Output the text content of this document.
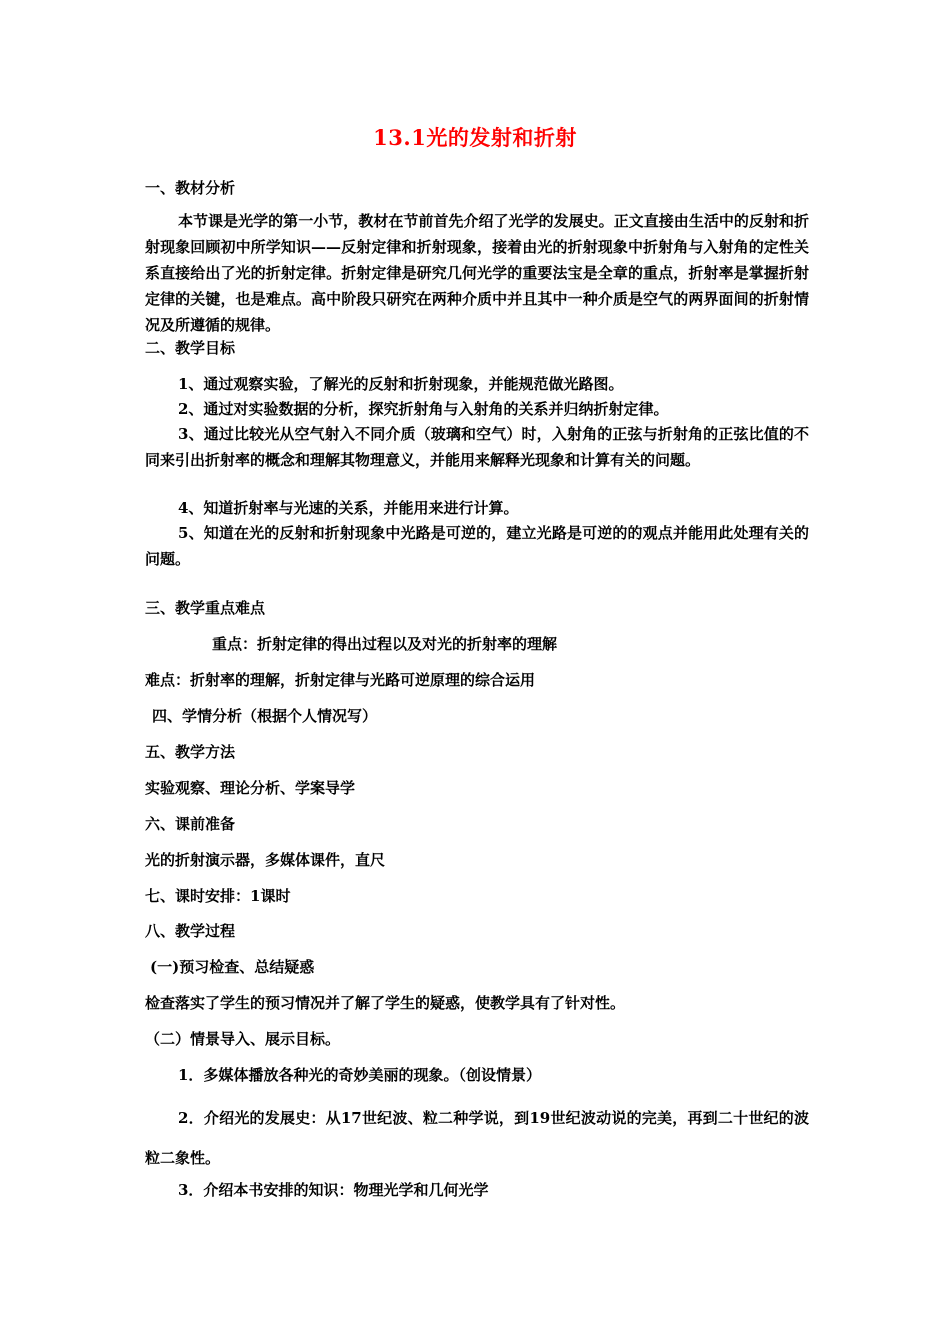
13.1光的发射和折射
一、教材分析
本节课是光学的第一小节，教材在节前首先介绍了光学的发展史。正文直接由生活中的反射和折射现象回顾初中所学知识——反射定律和折射现象，接着由光的折射现象中折射角与入射角的定性关系直接给出了光的折射定律。折射定律是研究几何光学的重要法宝是全章的重点，折射率是掌握折射定律的关键，也是难点。高中阶段只研究在两种介质中并且其中一种介质是空气的两界面间的折射情况及所遵循的规律。
二、教学目标
1、通过观察实验，了解光的反射和折射现象，并能规范做光路图。
2、通过对实验数据的分析，探究折射角与入射角的关系并归纳折射定律。
3、通过比较光从空气射入不同介质（玻璃和空气）时，入射角的正弦与折射角的正弦比值的不同来引出折射率的概念和理解其物理意义，并能用来解释光现象和计算有关的问题。
4、知道折射率与光速的关系，并能用来进行计算。
5、知道在光的反射和折射现象中光路是可逆的，建立光路是可逆的的观点并能用此处理有关的问题。
三、教学重点难点
重点：折射定律的得出过程以及对光的折射率的理解
难点：折射率的理解，折射定律与光路可逆原理的综合运用
四、学情分析（根据个人情况写）
五、教学方法
实验观察、理论分析、学案导学
六、课前准备
光的折射演示器，多媒体课件，直尺
七、课时安排：1课时
八、教学过程
(一)预习检查、总结疑惑
检查落实了学生的预习情况并了解了学生的疑惑，使教学具有了针对性。
（二）情景导入、展示目标。
1．多媒体播放各种光的奇妙美丽的现象。（创设情景）
2．介绍光的发展史：从17世纪波、粒二种学说，到19世纪波动说的完美，再到二十世纪的波粒二象性。
3．介绍本书安排的知识：物理光学和几何光学
